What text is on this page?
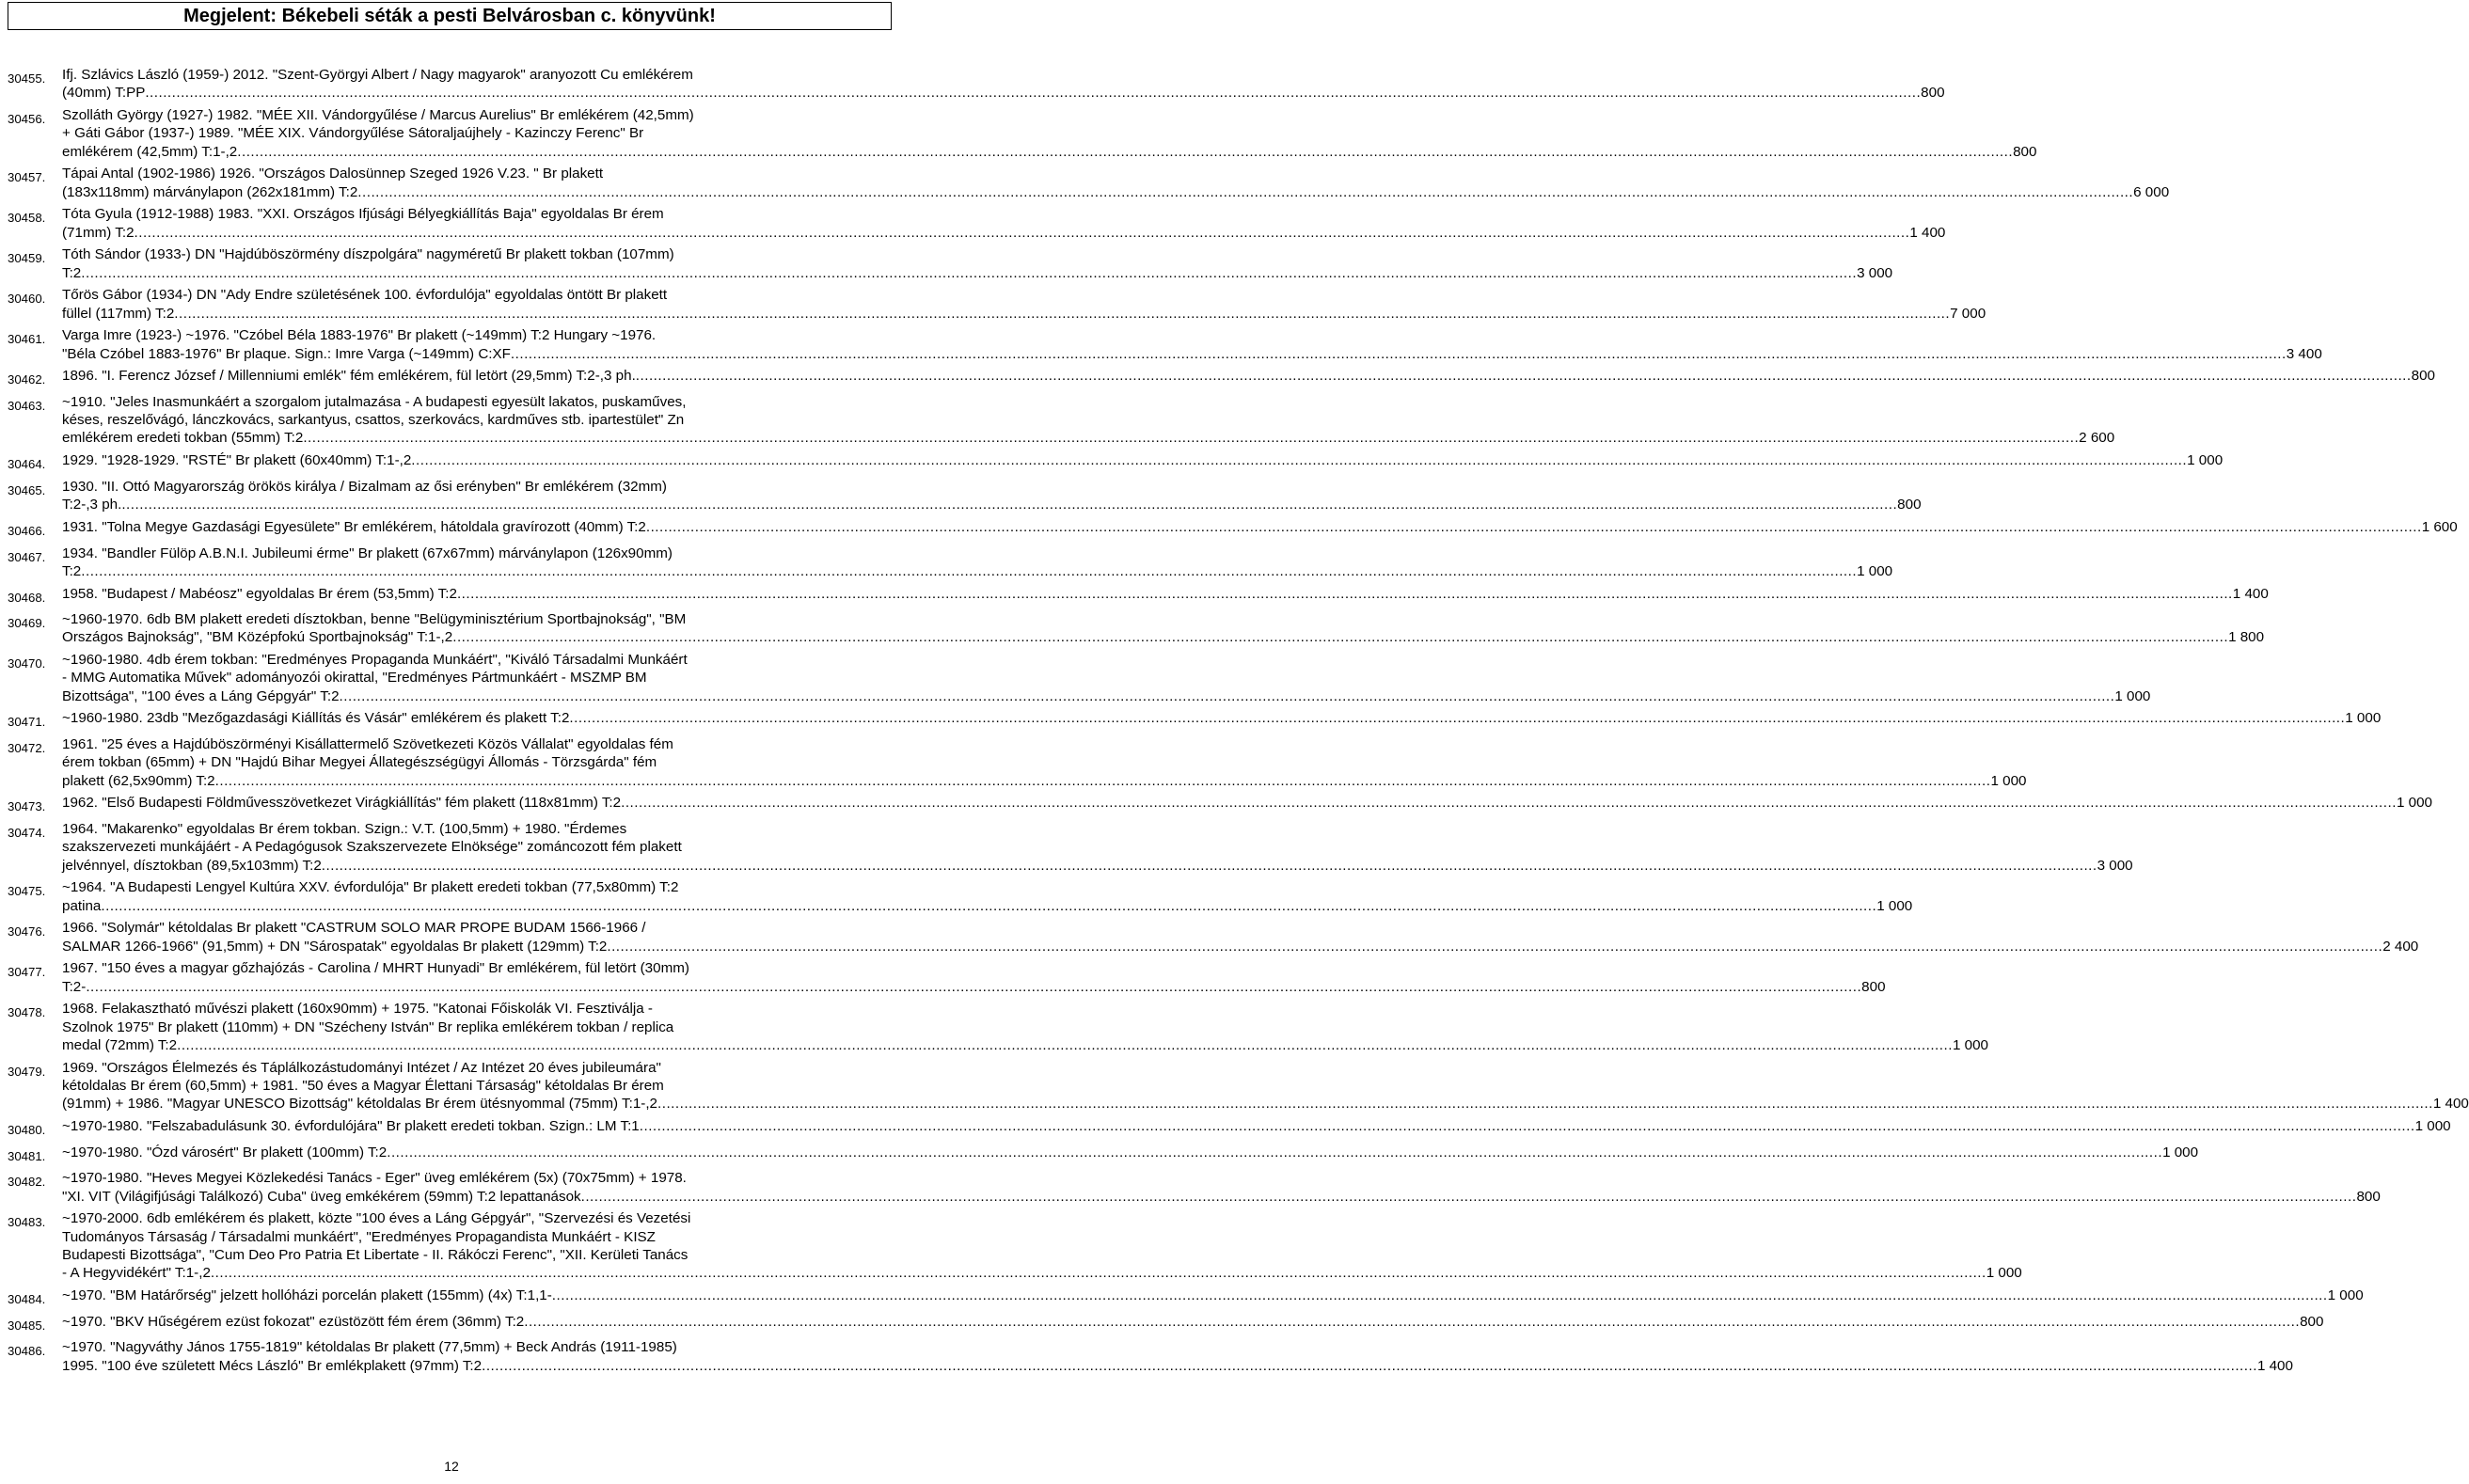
Megjelent: Békebeli séták a pesti Belvárosban c. könyvünk!
30455.	Ifj. Szlávics László (1959-) 2012. "Szent-Györgyi Albert / Nagy magyarok" aranyozott Cu emlékérem
(40mm) T:PP ................................................................................................................................................................................................................................................................................................................................................................................................................ 800
30456.	Szolláth György (1927-) 1982. "MÉE XII. Vándorgyűlése / Marcus Aurelius" Br emlékérem (42,5mm)
+ Gáti Gábor (1937-) 1989. "MÉE XIX. Vándorgyűlése Sátoraljaújhely - Kazinczy Ferenc" Br
emlékérem (42,5mm) T:1-,2 ................................................................................................................................................................................................................................................................................................................................................................................................................ 800
30457.	Tápai Antal (1902-1986) 1926. "Országos Dalosünnep Szeged 1926 V.23. " Br plakett
(183x118mm) márványlapon (262x181mm) T:2 ................................................................................................................................................................................................................................................................................................................................................................................................................ 6 000
30458.	Tóta Gyula (1912-1988) 1983. "XXI. Országos Ifjúsági Bélyegkiállítás Baja" egyoldalas Br érem
(71mm) T:2 ................................................................................................................................................................................................................................................................................................................................................................................................................ 1 400
30459.	Tóth Sándor (1933-) DN "Hajdúböszörmény díszpolgára" nagyméretű Br plakett tokban (107mm)
T:2 ................................................................................................................................................................................................................................................................................................................................................................................................................ 3 000
30460.	Tőrös Gábor (1934-) DN "Ady Endre születésének 100. évfordulója" egyoldalas öntött Br plakett
füllel (117mm) T:2 ................................................................................................................................................................................................................................................................................................................................................................................................................ 7 000
30461.	Varga Imre (1923-) ~1976. "Czóbel Béla 1883-1976" Br plakett (~149mm) T:2 Hungary ~1976.
"Béla Czóbel 1883-1976" Br plaque. Sign.: Imre Varga (~149mm) C:XF ................................................................................................................................................................................................................................................................................................................................................................................................................ 3 400
30462.	1896. "I. Ferencz József / Millenniumi emlék" fém emlékérem, fül letört (29,5mm) T:2-,3 ph. ................................................................................................................................................................................................................................................................................................................................................................................................................ 800
30463.	~1910. "Jeles Inasmunkáért a szorgalom jutalmazása - A budapesti egyesült lakatos, puskaműves,
késes, reszelővágó, lánczkovács, sarkantyus, csattos, szerkovács, kardműves stb. ipartestület" Zn
emlékérem eredeti tokban (55mm) T:2 ................................................................................................................................................................................................................................................................................................................................................................................................................ 2 600
30464.	1929. "1928-1929. "RSTÉ" Br plakett (60x40mm) T:1-,2 ................................................................................................................................................................................................................................................................................................................................................................................................................ 1 000
30465.	1930. "II. Ottó Magyarország örökös királya / Bizalmam az ősi erényben" Br emlékérem (32mm)
T:2-,3 ph. ................................................................................................................................................................................................................................................................................................................................................................................................................ 800
30466.	1931. "Tolna Megye Gazdasági Egyesülete" Br emlékérem, hátoldala gravírozott (40mm) T:2 ................................................................................................................................................................................................................................................................................................................................................................................................................ 1 600
30467.	1934. "Bandler Fülöp A.B.N.I. Jubileumi érme" Br plakett (67x67mm) márványlapon (126x90mm)
T:2 ................................................................................................................................................................................................................................................................................................................................................................................................................ 1 000
30468.	1958. "Budapest / Mabéosz" egyoldalas Br érem (53,5mm) T:2 ................................................................................................................................................................................................................................................................................................................................................................................................................ 1 400
30469.	~1960-1970. 6db BM plakett eredeti dísztokban, benne "Belügyminisztérium Sportbajnokság", "BM
Országos Bajnokság", "BM Középfokú Sportbajnokság" T:1-,2 ................................................................................................................................................................................................................................................................................................................................................................................................................ 1 800
30470.	~1960-1980. 4db érem tokban: "Eredményes Propaganda Munkáért", "Kiváló Társadalmi Munkáért
- MMG Automatika Művek" adományozói okirattal, "Eredményes Pártmunkáért - MSZMP BM
Bizottsága", "100 éves a Láng Gépgyár" T:2 ................................................................................................................................................................................................................................................................................................................................................................................................................ 1 000
30471.	~1960-1980. 23db "Mezőgazdasági Kiállítás és Vásár" emlékérem és plakett T:2 ................................................................................................................................................................................................................................................................................................................................................................................................................ 1 000
30472.	1961. "25 éves a Hajdúböszörményi Kisállattermelő Szövetkezeti Közös Vállalat" egyoldalas fém
érem tokban (65mm) + DN "Hajdú Bihar Megyei Állategészségügyi Állomás - Törzsgárda" fém
plakett (62,5x90mm) T:2 ................................................................................................................................................................................................................................................................................................................................................................................................................ 1 000
30473.	1962. "Első Budapesti Földművesszövetkezet Virágkiállítás" fém plakett (118x81mm) T:2 ................................................................................................................................................................................................................................................................................................................................................................................................................ 1 000
30474.	1964. "Makarenko" egyoldalas Br érem tokban. Szign.: V.T. (100,5mm) + 1980. "Érdemes
szakszervezeti munkájáért - A Pedagógusok Szakszervezete Elnöksége" zománcozott fém plakett
jelvénnyel, dísztokban (89,5x103mm) T:2 ................................................................................................................................................................................................................................................................................................................................................................................................................ 3 000
30475.	~1964. "A Budapesti Lengyel Kultúra XXV. évfordulója" Br plakett eredeti tokban (77,5x80mm) T:2
patina ................................................................................................................................................................................................................................................................................................................................................................................................................ 1 000
30476.	1966. "Solymár" kétoldalas Br plakett "CASTRUM SOLO MAR PROPE BUDAM 1566-1966 /
SALMAR 1266-1966" (91,5mm) + DN "Sárospatak" egyoldalas Br plakett (129mm) T:2 ................................................................................................................................................................................................................................................................................................................................................................................................................ 2 400
30477.	1967. "150 éves a magyar gőzhajózás - Carolina / MHRT Hunyadi" Br emlékérem, fül letört (30mm)
T:2- ................................................................................................................................................................................................................................................................................................................................................................................................................ 800
30478.	1968. Felakasztható művészi plakett (160x90mm) + 1975. "Katonai Főiskolák VI. Fesztiválja -
Szolnok 1975" Br plakett (110mm) + DN "Szécheny István" Br replika emlékérem tokban / replica
medal (72mm) T:2 ................................................................................................................................................................................................................................................................................................................................................................................................................ 1 000
30479.	1969. "Országos Élelmezés és Táplálkozástudományi Intézet / Az Intézet 20 éves jubileumára"
kétoldalas Br érem (60,5mm) + 1981. "50 éves a Magyar Élettani Társaság" kétoldalas Br érem
(91mm) + 1986. "Magyar UNESCO Bizottság" kétoldalas Br érem ütésnyommal (75mm) T:1-,2 ................................................................................................................................................................................................................................................................................................................................................................................................................ 1 400
30480.	~1970-1980. "Felszabadulásunk 30. évfordulójára" Br plakett eredeti tokban. Szign.: LM T:1 ................................................................................................................................................................................................................................................................................................................................................................................................................ 1 000
30481.	~1970-1980. "Ózd városért" Br plakett (100mm) T:2 ................................................................................................................................................................................................................................................................................................................................................................................................................ 1 000
30482.	~1970-1980. "Heves Megyei Közlekedési Tanács - Eger" üveg emlékérem (5x) (70x75mm) + 1978.
"XI. VIT (Világifjúsági Találkozó) Cuba" üveg emkékérem (59mm) T:2 lepattanások ................................................................................................................................................................................................................................................................................................................................................................................................................ 800
30483.	~1970-2000. 6db emlékérem és plakett, közte "100 éves a Láng Gépgyár", "Szervezési és Vezetési
Tudományos Társaság / Társadalmi munkáért", "Eredményes Propagandista Munkáért - KISZ
Budapesti Bizottsága", "Cum Deo Pro Patria Et Libertate - II. Rákóczi Ferenc", "XII. Kerületi Tanács
- A Hegyvidékért" T:1-,2 ................................................................................................................................................................................................................................................................................................................................................................................................................ 1 000
30484.	~1970. "BM Határőrség" jelzett hollóházi porcelán plakett (155mm) (4x) T:1,1- ................................................................................................................................................................................................................................................................................................................................................................................................................ 1 000
30485.	~1970. "BKV Hűségérem ezüst fokozat" ezüstözött fém érem (36mm) T:2 ................................................................................................................................................................................................................................................................................................................................................................................................................ 800
30486.	~1970. "Nagyváthy János 1755-1819" kétoldalas Br plakett (77,5mm) + Beck András (1911-1985)
1995. "100 éve született Mécs László" Br emlékplakett (97mm) T:2 ................................................................................................................................................................................................................................................................................................................................................................................................................ 1 400
12
